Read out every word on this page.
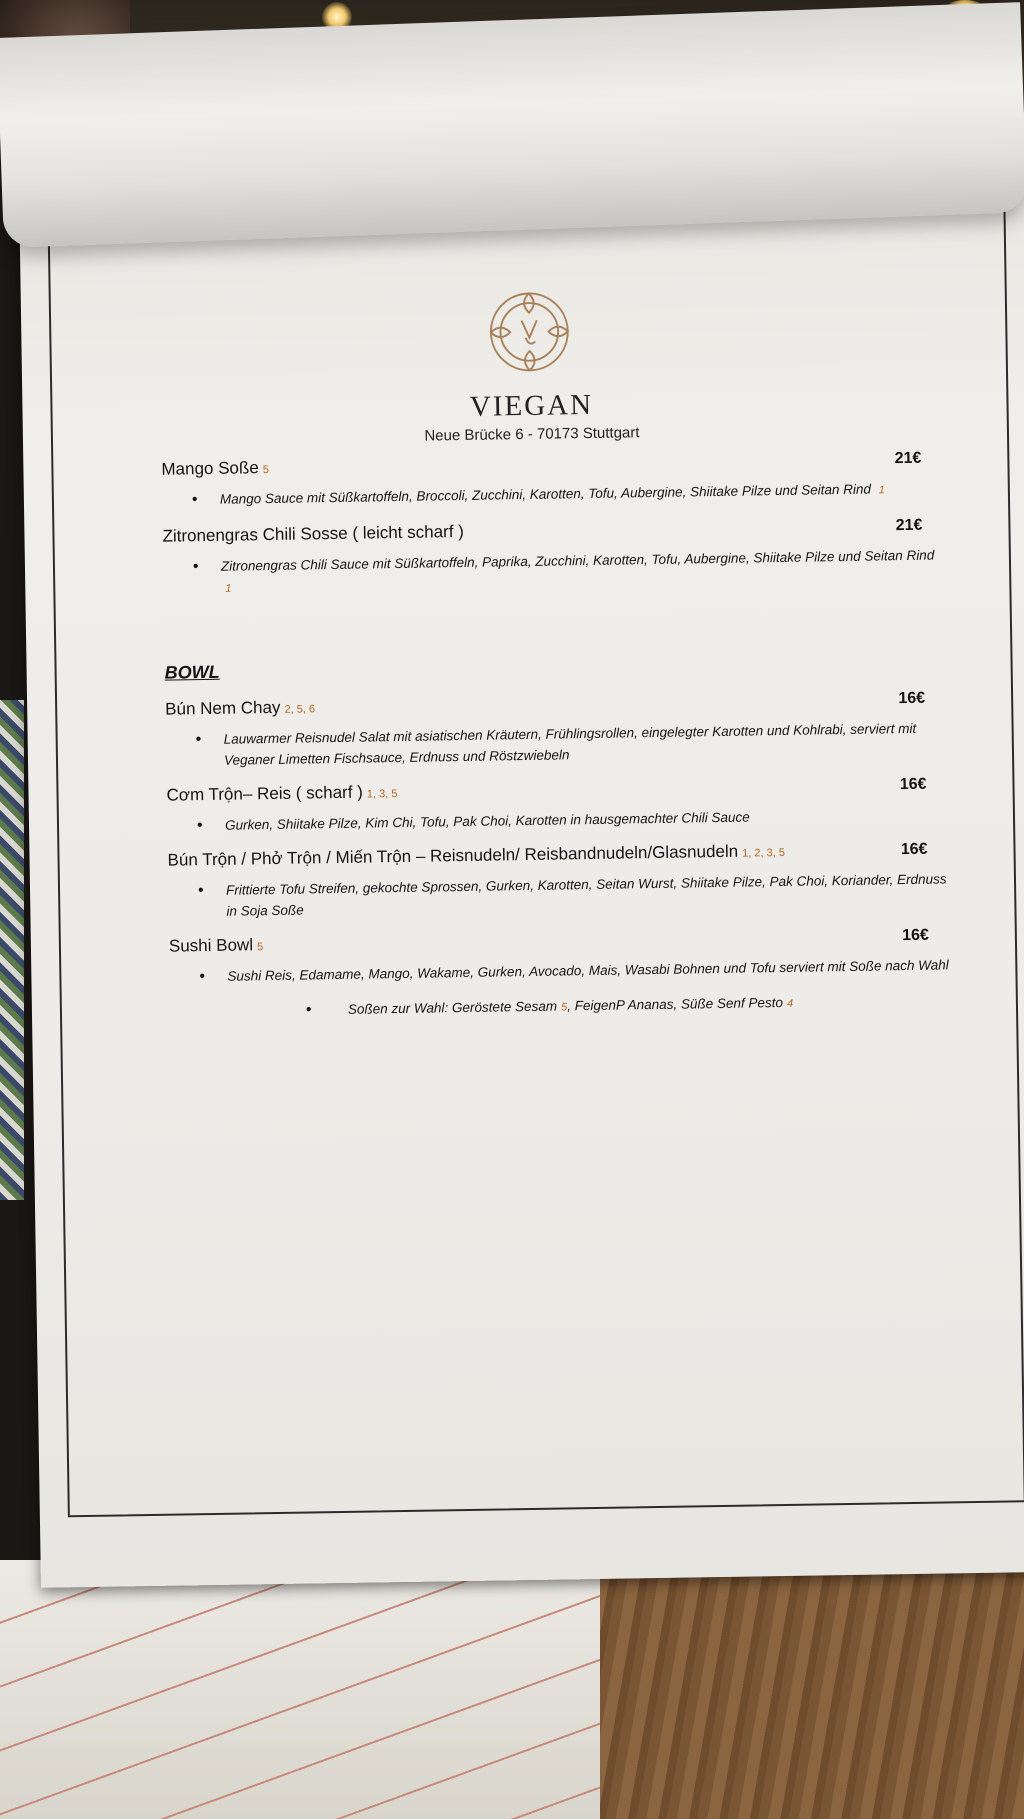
VIEGAN
Neue Brücke 6 - 70173 Stuttgart
Mango Soße 5
21€
• Mango Sauce mit Süßkartoffeln, Broccoli, Zucchini, Karotten, Tofu, Aubergine, Shiitake Pilze und Seitan Rind 1
Zitronengras Chili Sosse ( leicht scharf )	21€
• Zitronengras Chili Sauce mit Süßkartoffeln, Paprika, Zucchini, Karotten, Tofu, Aubergine, Shiitake Pilze und Seitan Rind 1
BOWL
Bún Nem Chay 2, 5, 6
16€
• Lauwarmer Reisnudel Salat mit asiatischen Kräutern, Frühlingsrollen, eingelegter Karotten und Kohlrabi, serviert mit Veganer Limetten Fischsauce, Erdnuss und Röstzwiebeln
Cơm Trộn– Reis ( scharf ) 1, 3, 5
16€
• Gurken, Shiitake Pilze, Kim Chi, Tofu, Pak Choi, Karotten in hausgemachter Chili Sauce
Bún Trộn / Phở Trộn / Miến Trộn – Reisnudeln/ Reisbandnudeln/Glasnudeln 1, 2, 3, 5	16€
• Frittierte Tofu Streifen, gekochte Sprossen, Gurken, Karotten, Seitan Wurst, Shiitake Pilze, Pak Choi, Koriander, Erdnuss in Soja Soße
Sushi Bowl 5
16€
• Sushi Reis, Edamame, Mango, Wakame, Gurken, Avocado, Mais, Wasabi Bohnen und Tofu serviert mit Soße nach Wahl
• Soßen zur Wahl: Geröstete Sesam 5, FeigenP Ananas, Süße Senf Pesto 4
